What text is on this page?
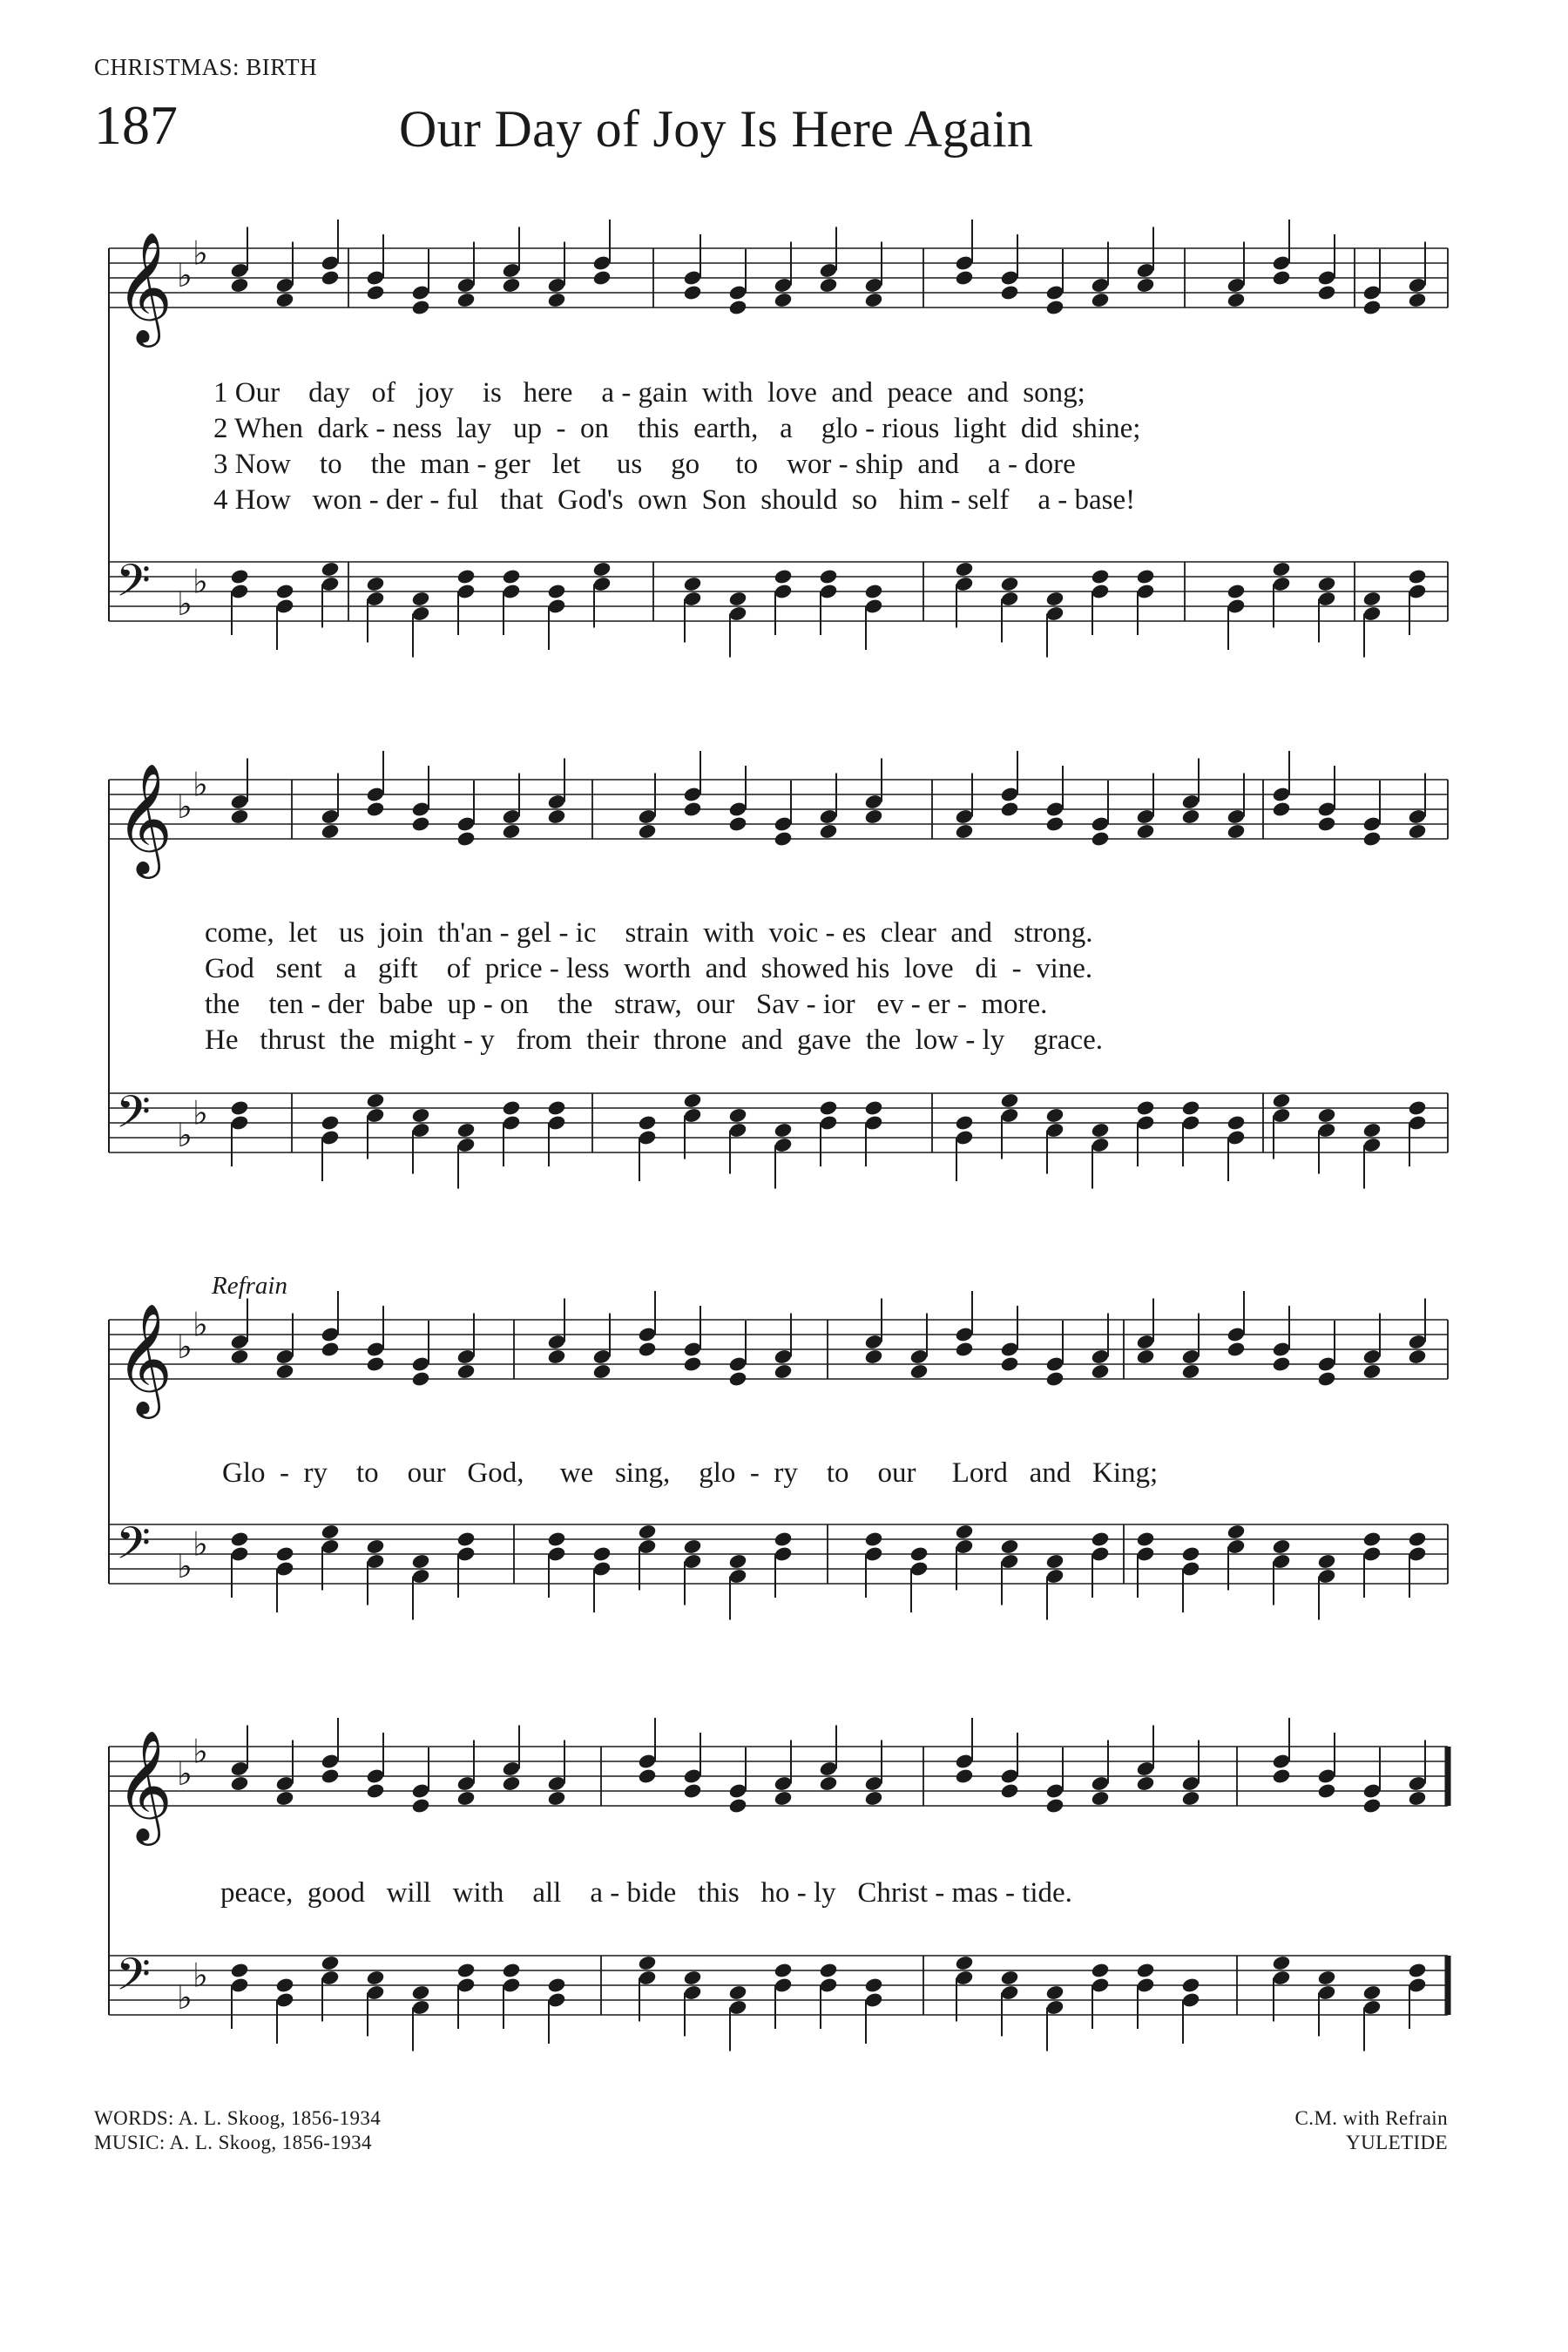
CHRISTMAS: BIRTH
187	Our Day of Joy Is Here Again
𝄞 ♭
♭
𝄢 ♭
♭
1 Our    day   of   joy    is   here    a - gain  with  love  and  peace  and  song;
2 When  dark - ness  lay   up  -  on    this  earth,   a    glo - rious  light  did  shine;
3 Now    to    the  man - ger   let     us    go     to    wor - ship  and    a - dore
4 How   won - der - ful   that  God's  own  Son  should  so   him - self    a - base!
𝄞 ♭
♭
𝄢 ♭
♭
come,  let   us  join  th'an - gel - ic    strain  with  voic - es  clear  and   strong.
God   sent   a   gift    of  price - less  worth  and  showed his  love   di  -  vine.
the    ten - der  babe  up - on    the   straw,  our   Sav - ior   ev - er -  more.
He   thrust  the  might - y   from  their  throne  and  gave  the  low - ly    grace.
Refrain
𝄞 ♭
♭
𝄢 ♭
♭
Glo  -  ry    to    our   God,     we   sing,    glo  -  ry    to    our     Lord   and   King;
𝄞 ♭
♭
𝄢 ♭
♭
peace,  good   will   with    all    a - bide   this   ho - ly   Christ - mas - tide.
WORDS: A. L. Skoog, 1856-1934
MUSIC: A. L. Skoog, 1856-1934
C.M. with Refrain
YULETIDE
